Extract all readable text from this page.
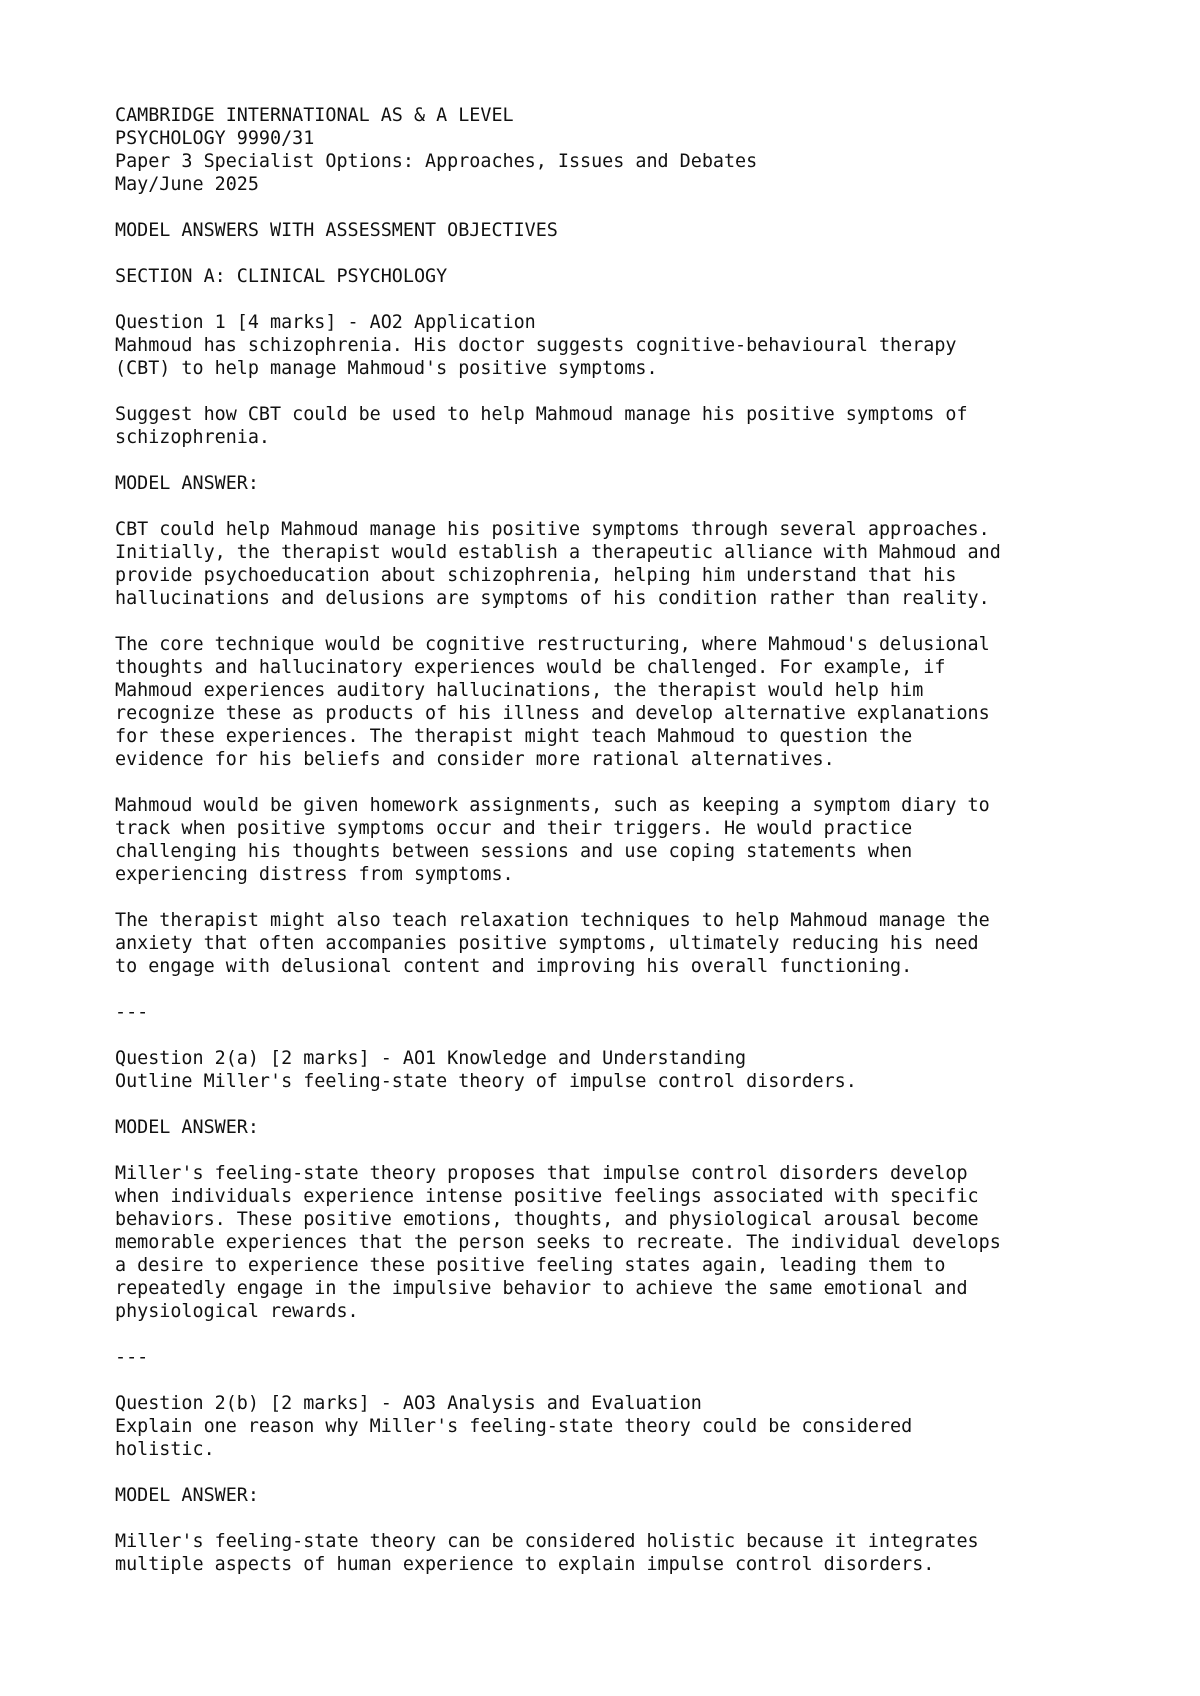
CAMBRIDGE INTERNATIONAL AS & A LEVEL
PSYCHOLOGY 9990/31
Paper 3 Specialist Options: Approaches, Issues and Debates
May/June 2025
MODEL ANSWERS WITH ASSESSMENT OBJECTIVES
SECTION A: CLINICAL PSYCHOLOGY
Question 1 [4 marks] - AO2 Application
Mahmoud has schizophrenia. His doctor suggests cognitive-behavioural therapy
(CBT) to help manage Mahmoud's positive symptoms.
Suggest how CBT could be used to help Mahmoud manage his positive symptoms of
schizophrenia.
MODEL ANSWER:
CBT could help Mahmoud manage his positive symptoms through several approaches.
Initially, the therapist would establish a therapeutic alliance with Mahmoud and
provide psychoeducation about schizophrenia, helping him understand that his
hallucinations and delusions are symptoms of his condition rather than reality.
The core technique would be cognitive restructuring, where Mahmoud's delusional
thoughts and hallucinatory experiences would be challenged. For example, if
Mahmoud experiences auditory hallucinations, the therapist would help him
recognize these as products of his illness and develop alternative explanations
for these experiences. The therapist might teach Mahmoud to question the
evidence for his beliefs and consider more rational alternatives.
Mahmoud would be given homework assignments, such as keeping a symptom diary to
track when positive symptoms occur and their triggers. He would practice
challenging his thoughts between sessions and use coping statements when
experiencing distress from symptoms.
The therapist might also teach relaxation techniques to help Mahmoud manage the
anxiety that often accompanies positive symptoms, ultimately reducing his need
to engage with delusional content and improving his overall functioning.
---
Question 2(a) [2 marks] - AO1 Knowledge and Understanding
Outline Miller's feeling-state theory of impulse control disorders.
MODEL ANSWER:
Miller's feeling-state theory proposes that impulse control disorders develop
when individuals experience intense positive feelings associated with specific
behaviors. These positive emotions, thoughts, and physiological arousal become
memorable experiences that the person seeks to recreate. The individual develops
a desire to experience these positive feeling states again, leading them to
repeatedly engage in the impulsive behavior to achieve the same emotional and
physiological rewards.
---
Question 2(b) [2 marks] - AO3 Analysis and Evaluation
Explain one reason why Miller's feeling-state theory could be considered
holistic.
MODEL ANSWER:
Miller's feeling-state theory can be considered holistic because it integrates
multiple aspects of human experience to explain impulse control disorders.
